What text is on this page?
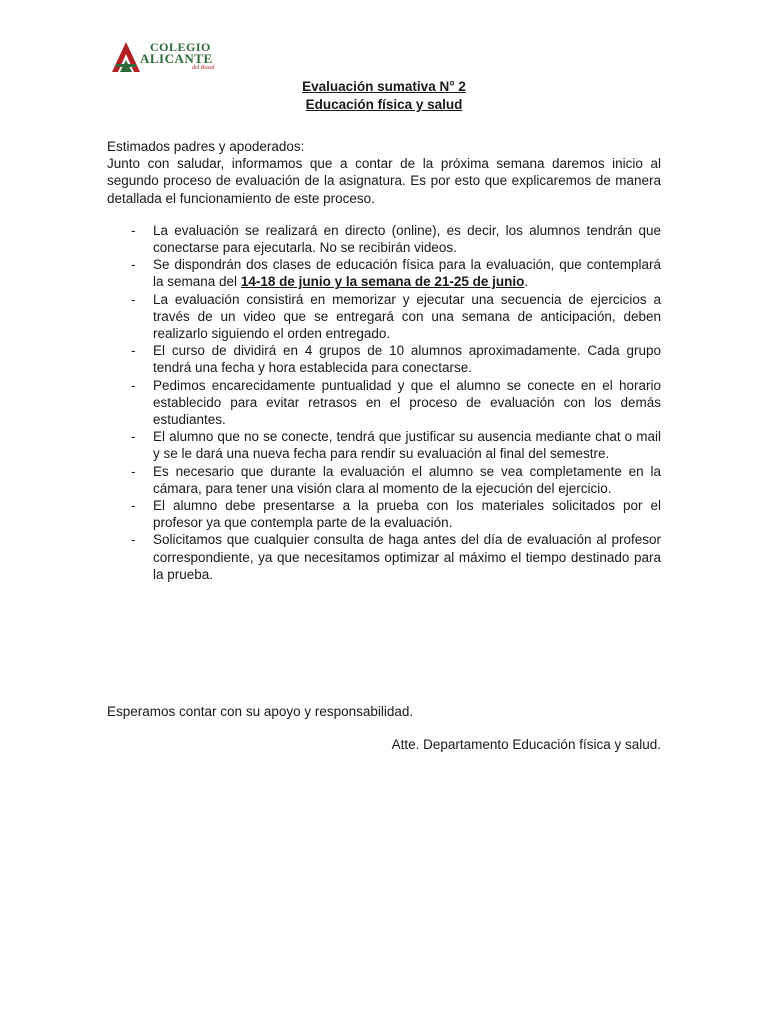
COLEGIO
ALICANTE
del Rosal
Evaluación sumativa N° 2
Educación física y salud

Estimados padres y apoderados:

Junto con saludar, informamos que a contar de la próxima semana daremos inicio al segundo proceso de evaluación de la asignatura. Es por esto que explicaremos de manera detallada el funcionamiento de este proceso.

- La evaluación se realizará en directo (online), es decir, los alumnos tendrán que conectarse para ejecutarla. No se recibirán videos.
- Se dispondrán dos clases de educación física para la evaluación, que contemplará la semana del 14-18 de junio y la semana de 21-25 de junio.
- La evaluación consistirá en memorizar y ejecutar una secuencia de ejercicios a través de un video que se entregará con una semana de anticipación, deben realizarlo siguiendo el orden entregado.
- El curso de dividirá en 4 grupos de 10 alumnos aproximadamente. Cada grupo tendrá una fecha y hora establecida para conectarse.
- Pedimos encarecidamente puntualidad y que el alumno se conecte en el horario establecido para evitar retrasos en el proceso de evaluación con los demás estudiantes.
- El alumno que no se conecte, tendrá que justificar su ausencia mediante chat o mail y se le dará una nueva fecha para rendir su evaluación al final del semestre.
- Es necesario que durante la evaluación el alumno se vea completamente en la cámara, para tener una visión clara al momento de la ejecución del ejercicio.
- El alumno debe presentarse a la prueba con los materiales solicitados por el profesor ya que contempla parte de la evaluación.
- Solicitamos que cualquier consulta de haga antes del día de evaluación al profesor correspondiente, ya que necesitamos optimizar al máximo el tiempo destinado para la prueba.
Esperamos contar con su apoyo y responsabilidad.
Atte. Departamento Educación física y salud.
